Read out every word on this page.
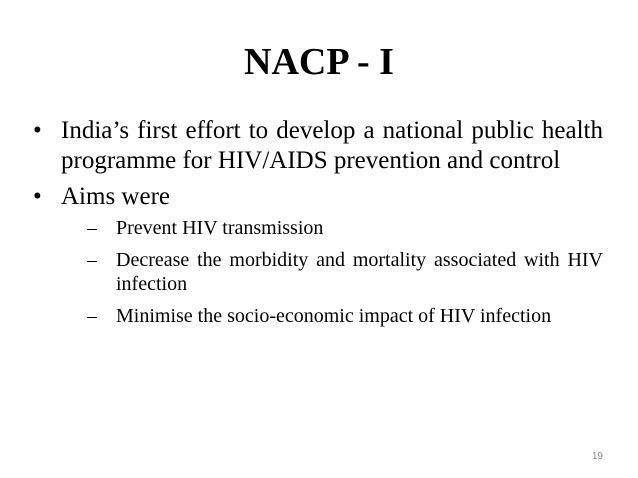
NACP - I
• India’s first effort to develop a national public health programme for HIV/AIDS prevention and control
• Aims were
– Prevent HIV transmission
– Decrease the morbidity and mortality associated with HIV infection
– Minimise the socio-economic impact of HIV infection
19
